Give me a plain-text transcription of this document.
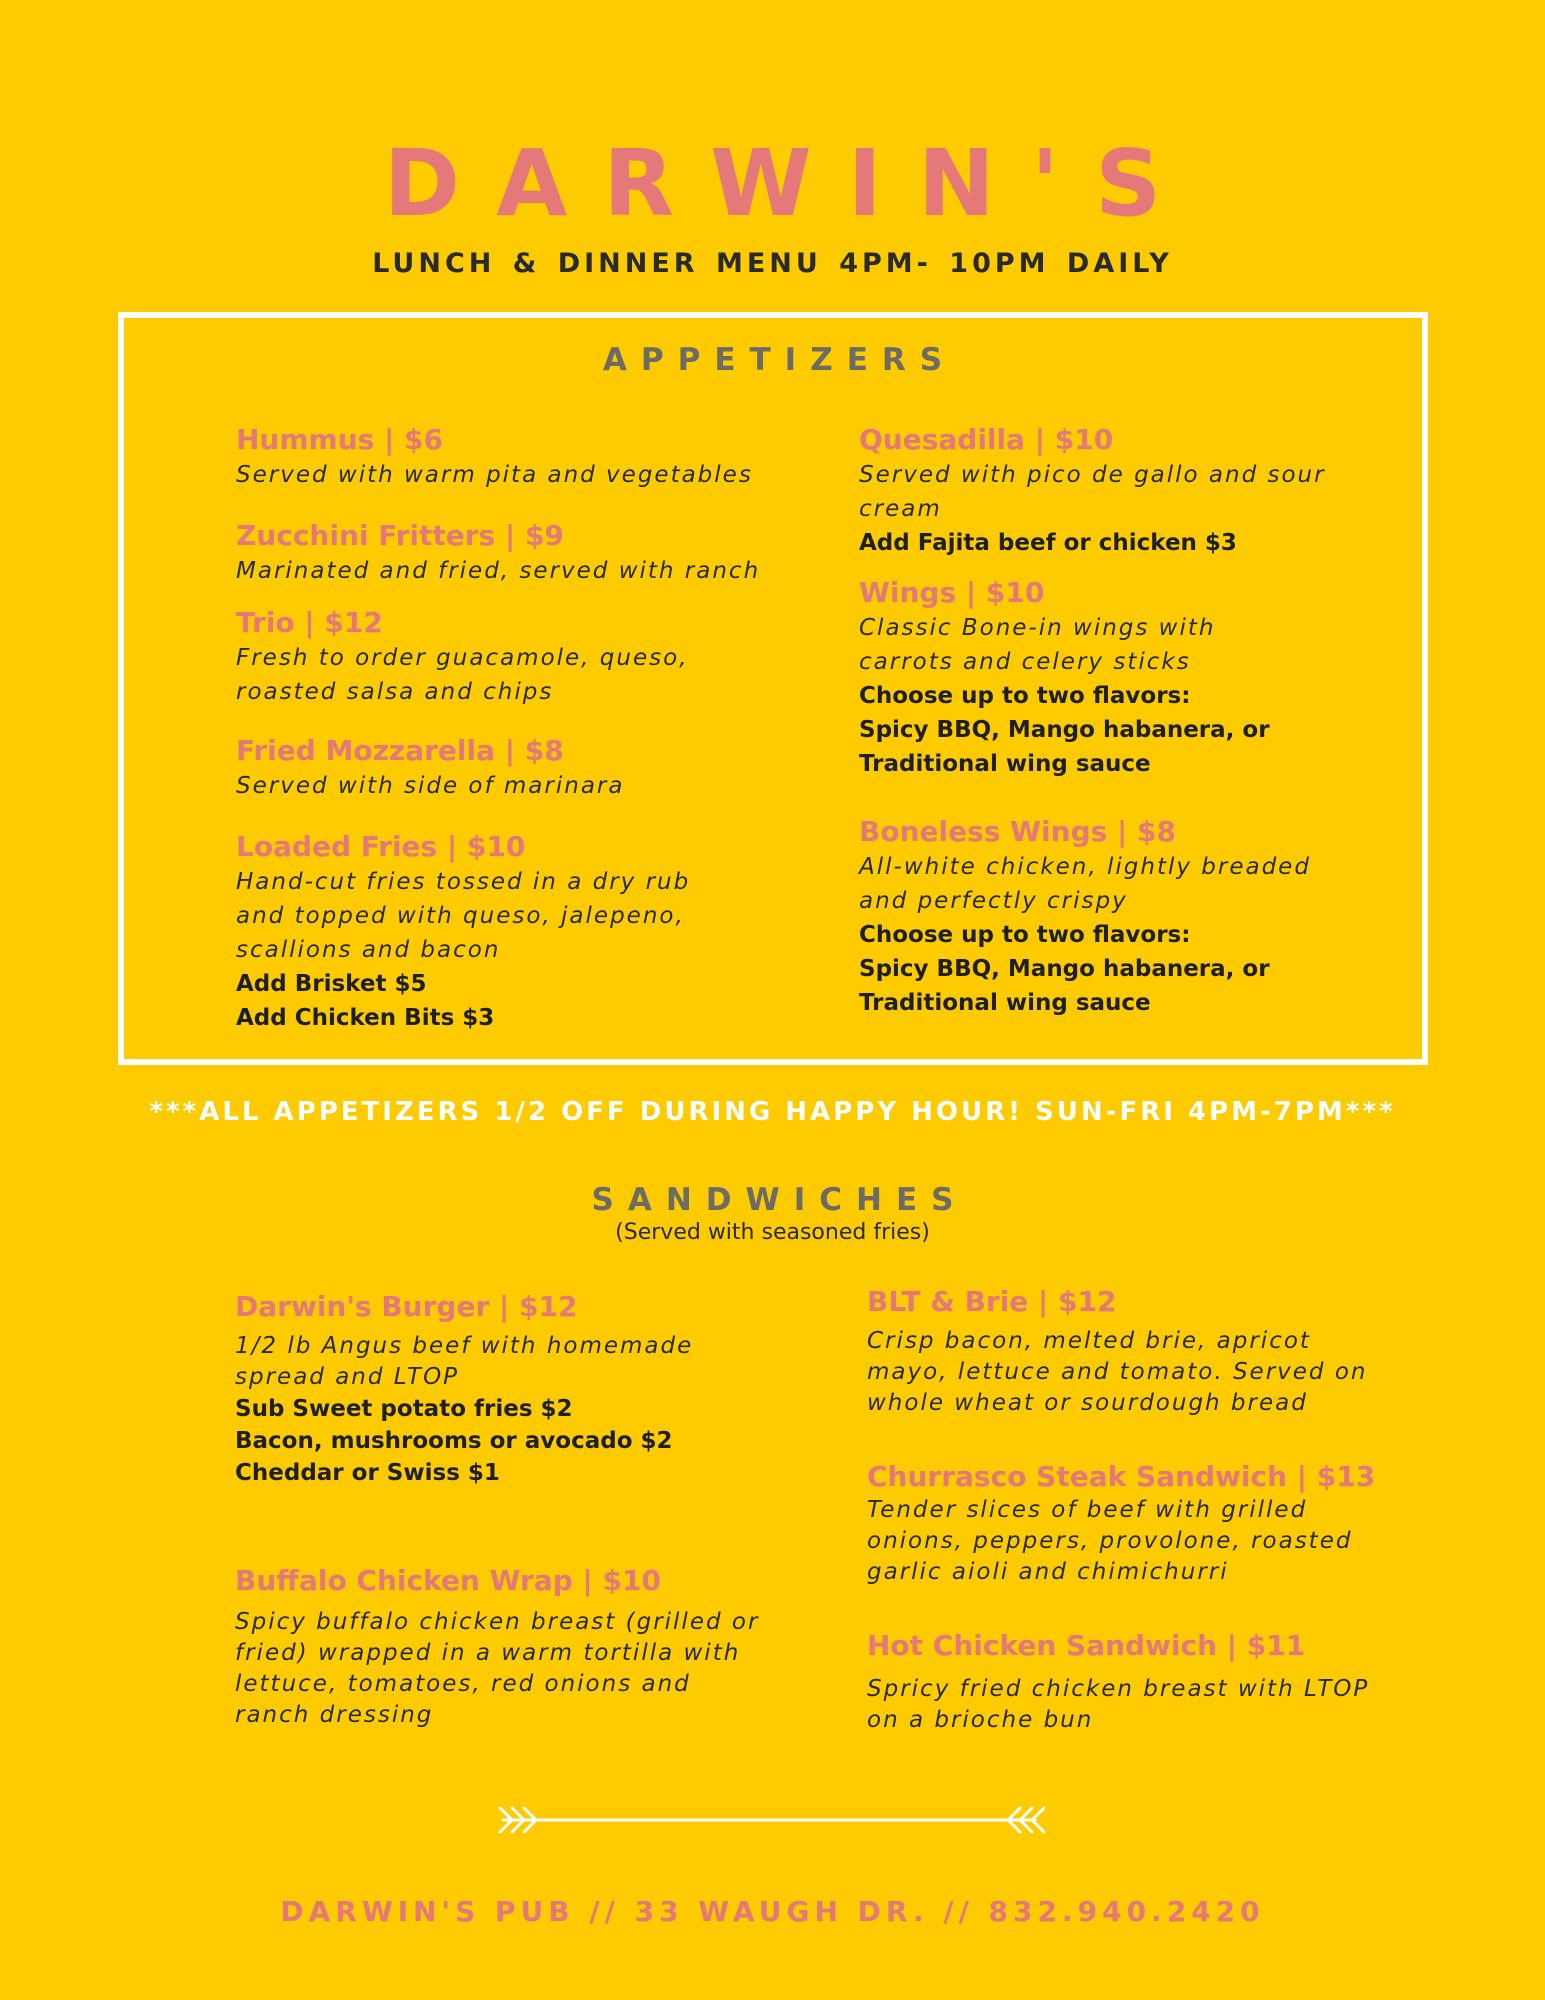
DARWIN'S
LUNCH & DINNER MENU 4PM- 10PM DAILY
APPETIZERS
Hummus | $6
Served with warm pita and vegetables
Zucchini Fritters | $9
Marinated and fried, served with ranch
Trio | $12
Fresh to order guacamole, queso, roasted salsa and chips
Fried Mozzarella | $8
Served with side of marinara
Loaded Fries | $10
Hand-cut fries tossed in a dry rub and topped with queso, jalepeno, scallions and bacon
Add Brisket $5
Add Chicken Bits $3
Quesadilla | $10
Served with pico de gallo and sour cream
Add Fajita beef or chicken $3
Wings | $10
Classic Bone-in wings with carrots and celery sticks
Choose up to two flavors:
Spicy BBQ, Mango habanera, or
Traditional wing sauce
Boneless Wings | $8
All-white chicken, lightly breaded and perfectly crispy
Choose up to two flavors:
Spicy BBQ, Mango habanera, or
Traditional wing sauce
***ALL APPETIZERS 1/2 OFF DURING HAPPY HOUR! SUN-FRI 4PM-7PM***
SANDWICHES
(Served with seasoned fries)
Darwin's Burger | $12
1/2 lb Angus beef with homemade spread and LTOP
Sub Sweet potato fries $2
Bacon, mushrooms or avocado $2
Cheddar or Swiss $1
Buffalo Chicken Wrap | $10
Spicy buffalo chicken breast (grilled or fried) wrapped in a warm tortilla with lettuce, tomatoes, red onions and ranch dressing
BLT & Brie | $12
Crisp bacon, melted brie, apricot mayo, lettuce and tomato. Served on whole wheat or sourdough bread
Churrasco Steak Sandwich | $13
Tender slices of beef with grilled onions, peppers, provolone, roasted garlic aioli and chimichurri
Hot Chicken Sandwich | $11
Spricy fried chicken breast with LTOP on a brioche bun
DARWIN'S PUB // 33 WAUGH DR. // 832.940.2420
